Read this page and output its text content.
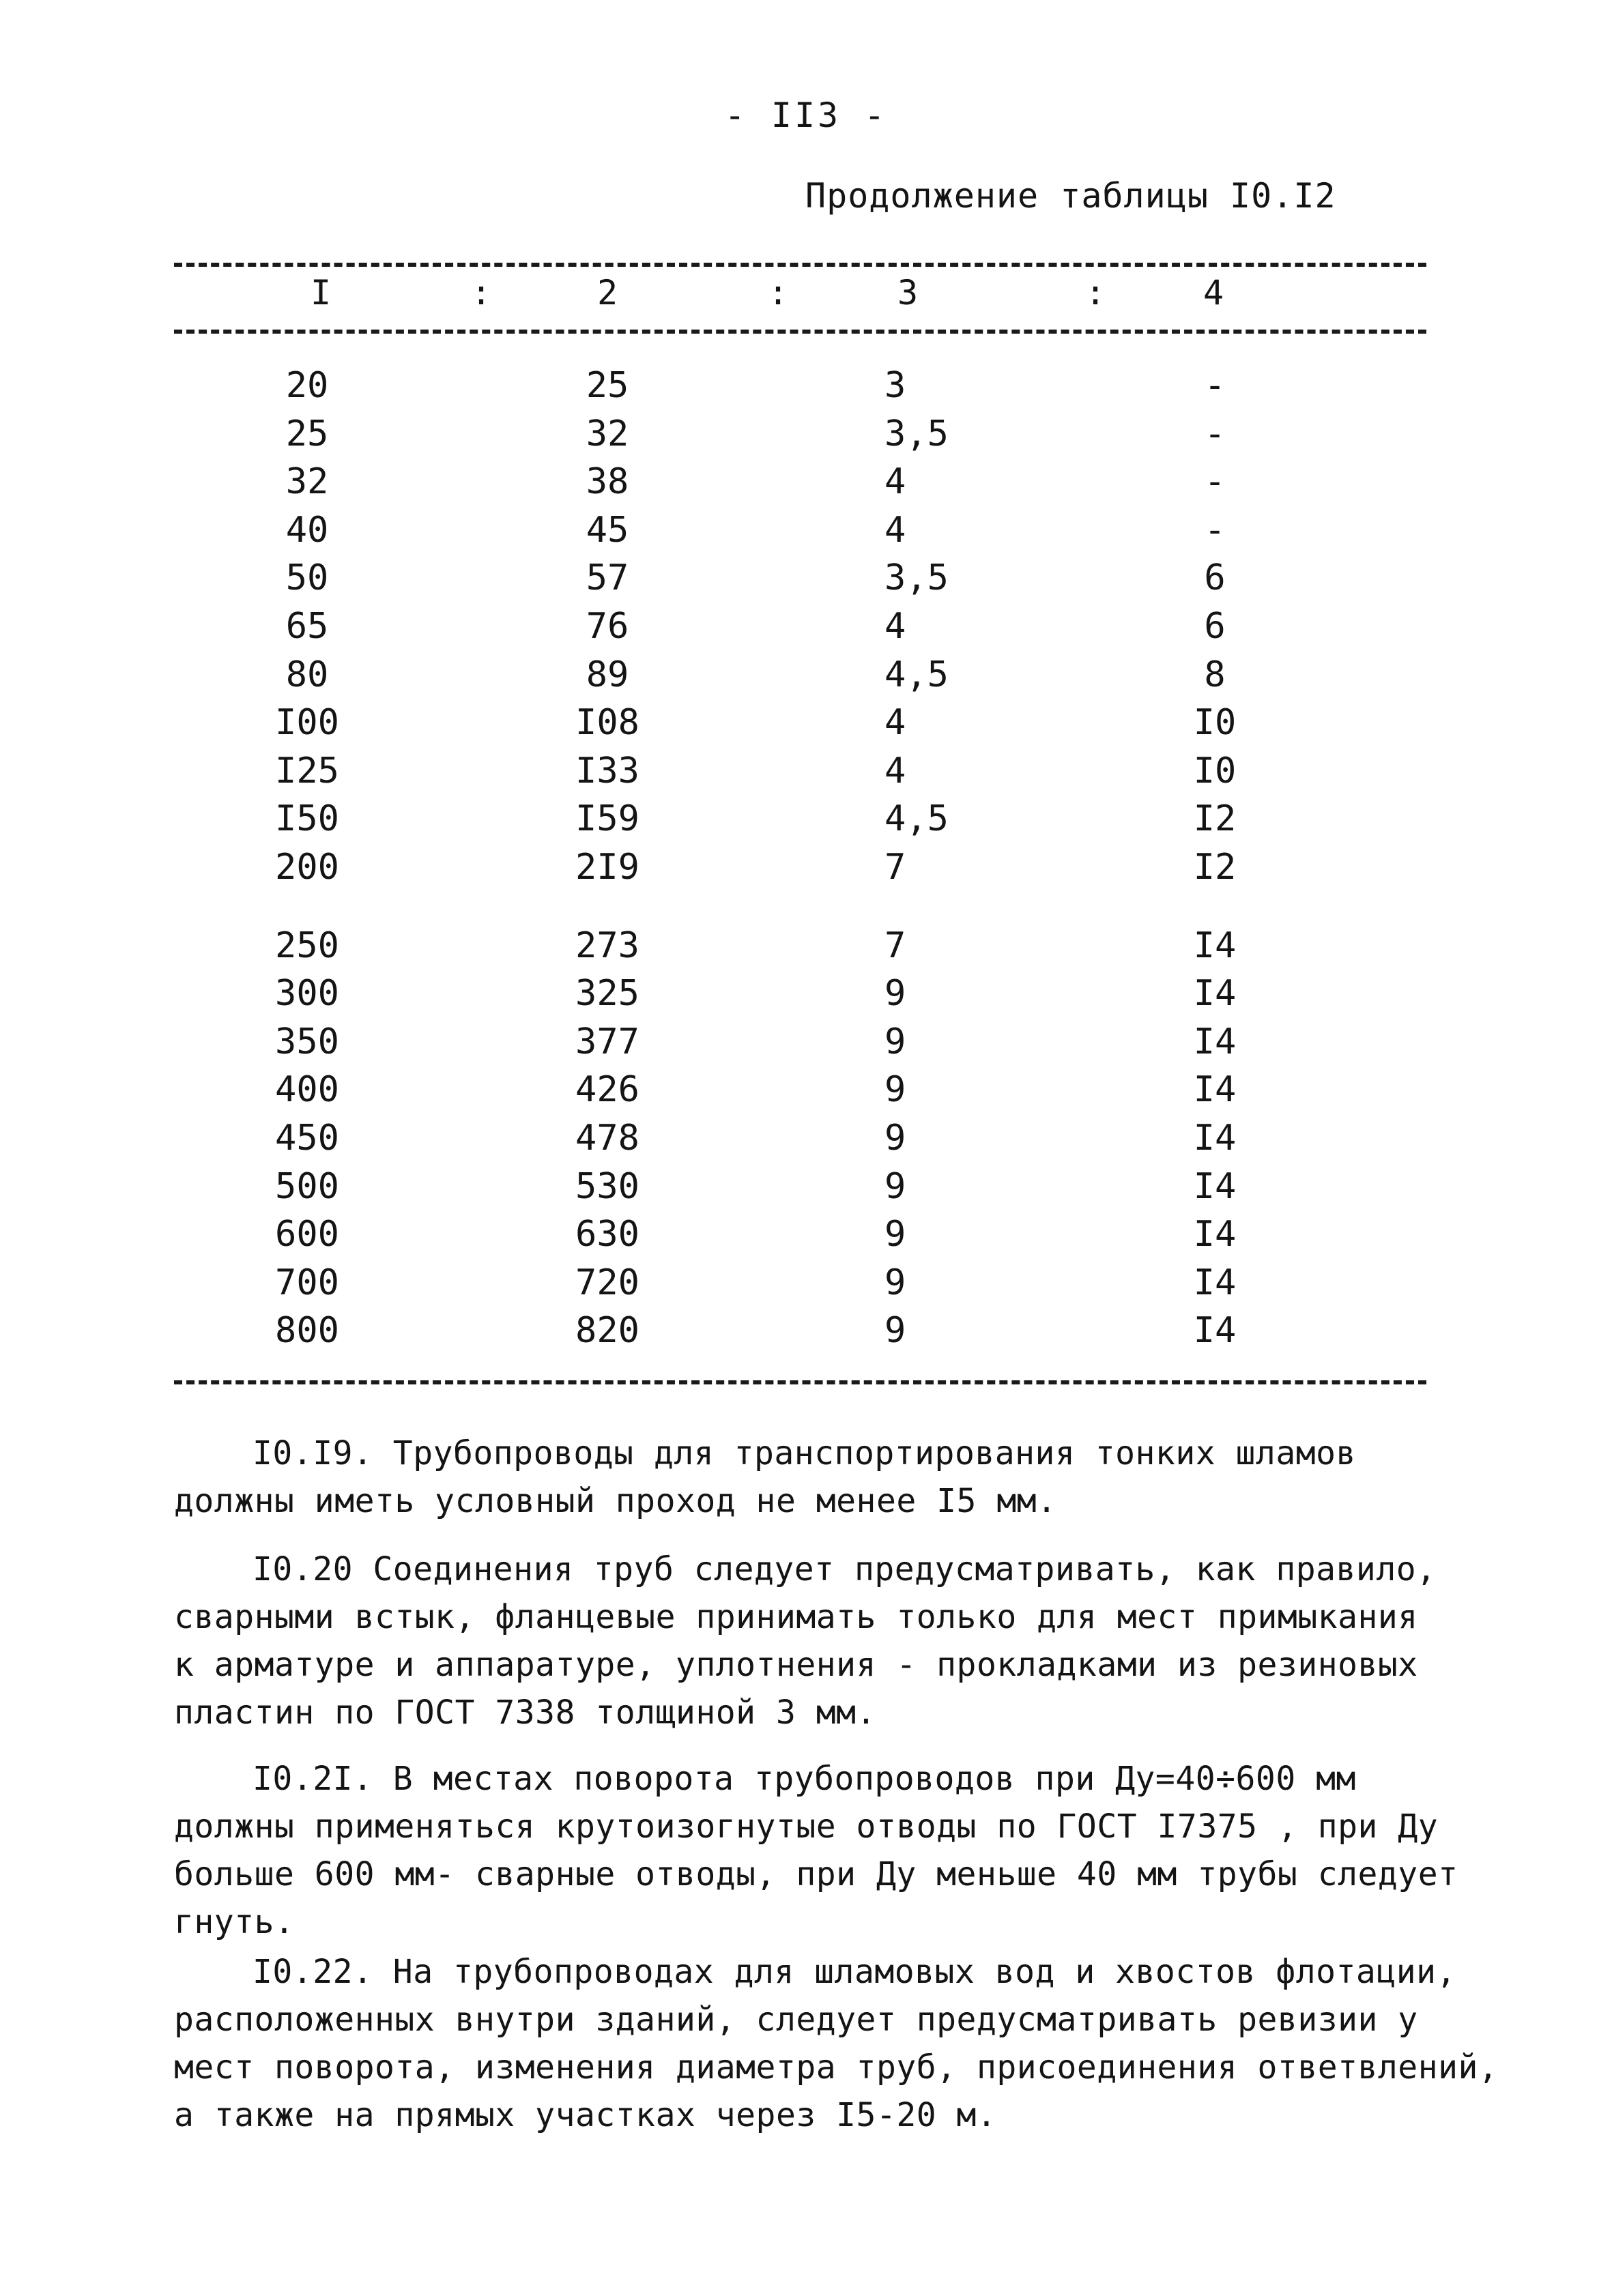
- II3 -
Продолжение таблицы I0.I2
I	:	2	:	3	:	4
20	25	3	-
25	32	3,5	-
32	38	4	-
40	45	4	-
50	57	3,5	6
65	76	4	6
80	89	4,5	8
I00	I08	4	I0
I25	I33	4	I0
I50	I59	4,5	I2
200	2I9	7	I2
250	273	7	I4
300	325	9	I4
350	377	9	I4
400	426	9	I4
450	478	9	I4
500	530	9	I4
600	630	9	I4
700	720	9	I4
800	820	9	I4
I0.I9. Трубопроводы для транспортирования тонких шламов
должны иметь условный проход не менее I5 мм.
I0.20 Соединения труб следует предусматривать, как правило,
сварными встык, фланцевые принимать только для мест примыкания
к арматуре и аппаратуре, уплотнения - прокладками из резиновых
пластин по ГОСТ 7338 толщиной 3 мм.
I0.2I. В местах поворота трубопроводов при Ду=40÷600 мм
должны применяться крутоизогнутые отводы по ГОСТ I7375 , при Ду
больше 600 мм- сварные отводы, при Ду меньше 40 мм трубы следует
гнуть.
I0.22. На трубопроводах для шламовых вод и хвостов флотации,
расположенных внутри зданий, следует предусматривать ревизии у
мест поворота, изменения диаметра труб, присоединения ответвлений,
а также на прямых участках через I5-20 м.
